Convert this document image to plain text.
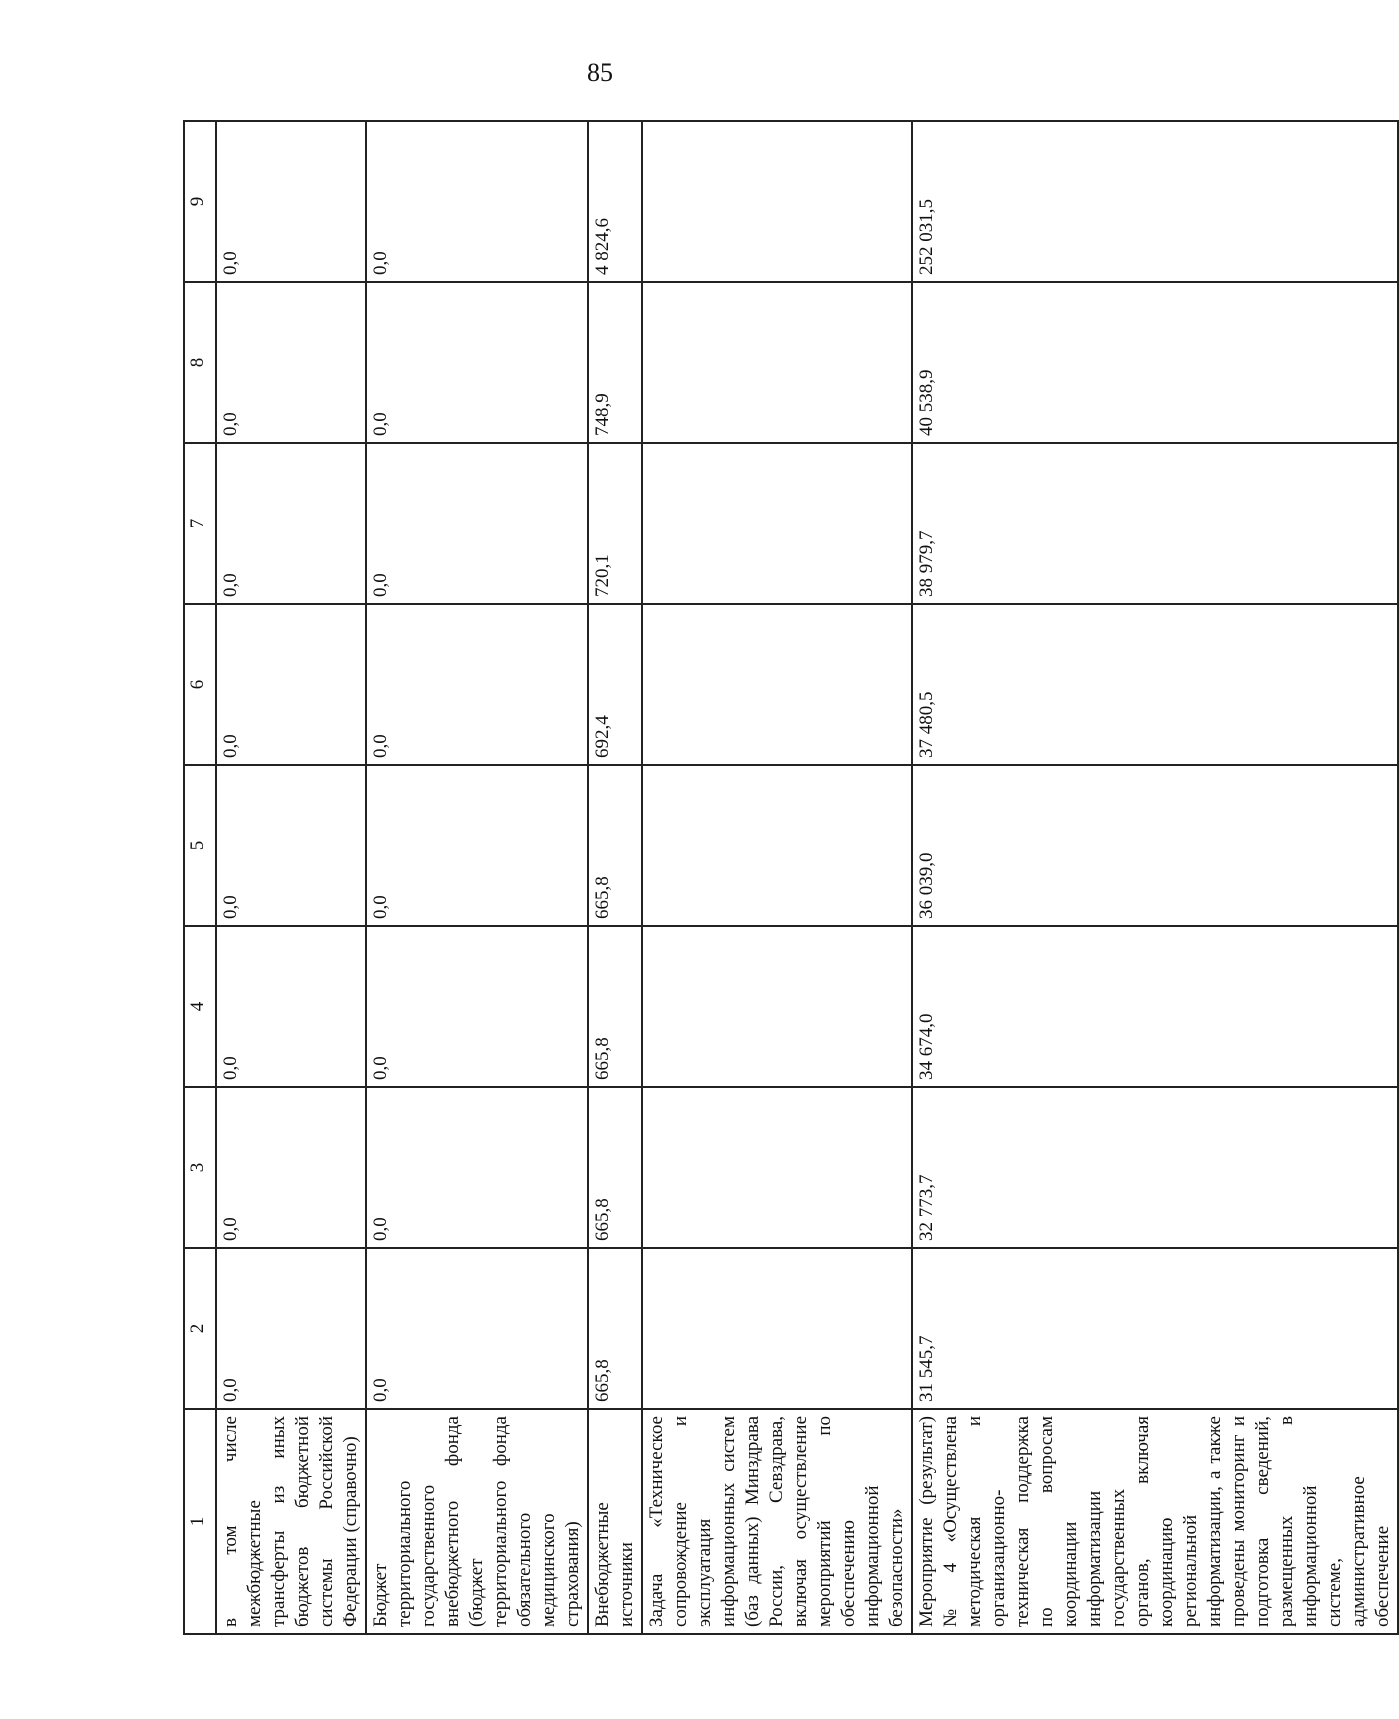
85
1	2	3	4	5	6	7	8	9
в том числе межбюджетные трансферты из иных бюджетов бюджетной системы Российской Федерации (справочно)	0,0	0,0	0,0	0,0	0,0	0,0	0,0	0,0
Бюджет территориального государственного внебюджетного фонда (бюджет территориального фонда обязательного медицинского страхования)	0,0	0,0	0,0	0,0	0,0	0,0	0,0	0,0
Внебюджетные источники	665,8	665,8	665,8	665,8	692,4	720,1	748,9	4 824,6
Задача «Техническое сопровождение и эксплуатация информационных систем (баз данных) Минздрава России, Севздрава, включая осуществление мероприятий по обеспечению информационной безопасности»								
Мероприятие (результат) № 4 «Осуществлена методическая и организационно-техническая поддержка по вопросам координации информатизации государственных органов, включая координацию региональной информатизации, а также проведены мониторинг и подготовка сведений, размещенных в информационной системе, административное обеспечение	31 545,7	32 773,7	34 674,0	36 039,0	37 480,5	38 979,7	40 538,9	252 031,5
